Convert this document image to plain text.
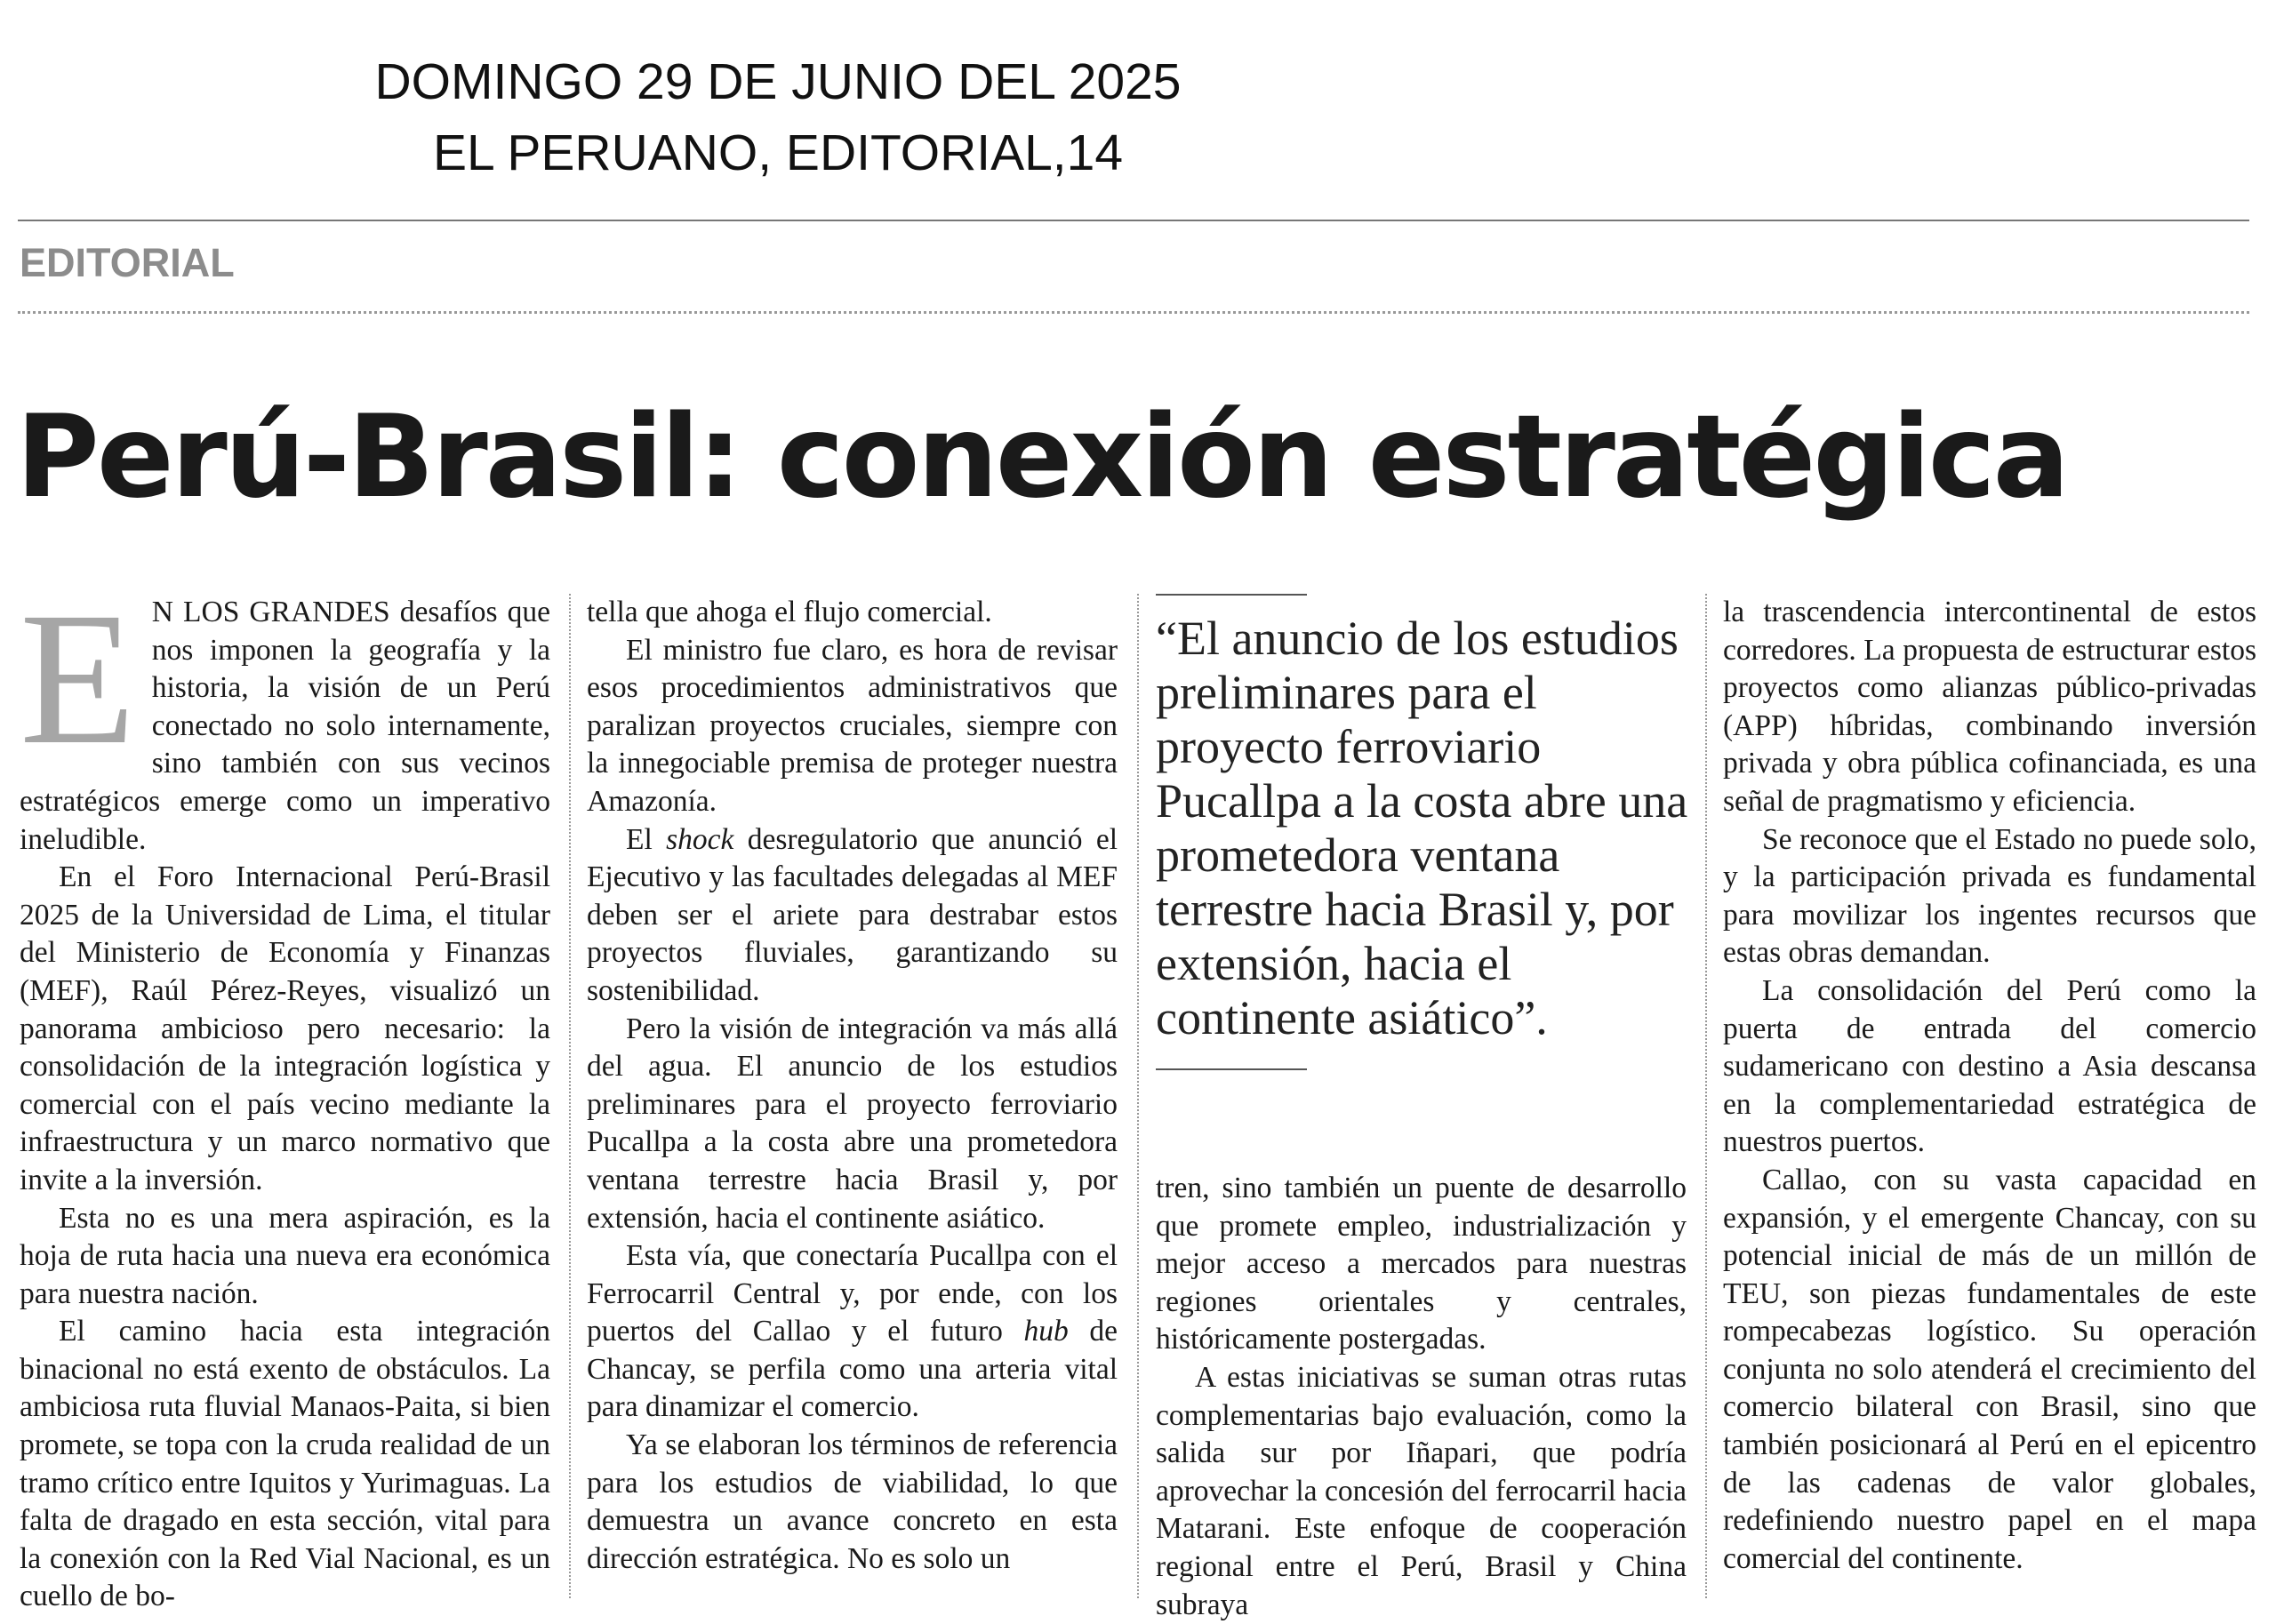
DOMINGO 29 DE JUNIO DEL 2025
EL PERUANO, EDITORIAL,14
EDITORIAL
Perú-Brasil: conexión estratégica

E N LOS GRANDES desafíos que nos imponen la geografía y la historia, la visión de un Perú conectado no solo internamente, sino también con sus vecinos estratégicos emerge como un imperativo ineludible.

En el Foro Internacional Perú-Brasil 2025 de la Universidad de Lima, el titular del Ministerio de Economía y Finanzas (MEF), Raúl Pérez-Reyes, visualizó un panorama ambicioso pero necesario: la consolidación de la integración logística y comercial con el país vecino mediante la infraestructura y un marco normativo que invite a la inversión.

Esta no es una mera aspiración, es la hoja de ruta hacia una nueva era económica para nuestra nación.

El camino hacia esta integración binacional no está exento de obstáculos. La ambiciosa ruta fluvial Manaos-Paita, si bien promete, se topa con la cruda realidad de un tramo crítico entre Iquitos y Yurimaguas. La falta de dragado en esta sección, vital para la conexión con la Red Vial Nacional, es un cuello de bo-

tella que ahoga el flujo comercial.

El ministro fue claro, es hora de revisar esos procedimientos administrativos que paralizan proyectos cruciales, siempre con la innegociable premisa de proteger nuestra Amazonía.

El shock desregulatorio que anunció el Ejecutivo y las facultades delegadas al MEF deben ser el ariete para destrabar estos proyectos fluviales, garantizando su sostenibilidad.

Pero la visión de integración va más allá del agua. El anuncio de los estudios preliminares para el proyecto ferroviario Pucallpa a la costa abre una prometedora ventana terrestre hacia Brasil y, por extensión, hacia el continente asiático.

Esta vía, que conectaría Pucallpa con el Ferrocarril Central y, por ende, con los puertos del Callao y el futuro hub de Chancay, se perfila como una arteria vital para dinamizar el comercio.

Ya se elaboran los términos de referencia para los estudios de viabilidad, lo que demuestra un avance concreto en esta dirección estratégica. No es solo un

“El anuncio de los estudios preliminares para el proyecto ferroviario Pucallpa a la costa abre una prometedora ventana terrestre hacia Brasil y, por extensión, hacia el continente asiático”.

tren, sino también un puente de desarrollo que promete empleo, industrialización y mejor acceso a mercados para nuestras regiones orientales y centrales, históricamente postergadas.

A estas iniciativas se suman otras rutas complementarias bajo evaluación, como la salida sur por Iñapari, que podría aprovechar la concesión del ferrocarril hacia Matarani. Este enfoque de cooperación regional entre el Perú, Brasil y China subraya

la trascendencia intercontinental de estos corredores. La propuesta de estructurar estos proyectos como alianzas público-privadas (APP) híbridas, combinando inversión privada y obra pública cofinanciada, es una señal de pragmatismo y eficiencia.

Se reconoce que el Estado no puede solo, y la participación privada es fundamental para movilizar los ingentes recursos que estas obras demandan.

La consolidación del Perú como la puerta de entrada del comercio sudamericano con destino a Asia descansa en la complementariedad estratégica de nuestros puertos.

Callao, con su vasta capacidad en expansión, y el emergente Chancay, con su potencial inicial de más de un millón de TEU, son piezas fundamentales de este rompecabezas logístico. Su operación conjunta no solo atenderá el crecimiento del comercio bilateral con Brasil, sino que también posicionará al Perú en el epicentro de las cadenas de valor globales, redefiniendo nuestro papel en el mapa comercial del continente.
